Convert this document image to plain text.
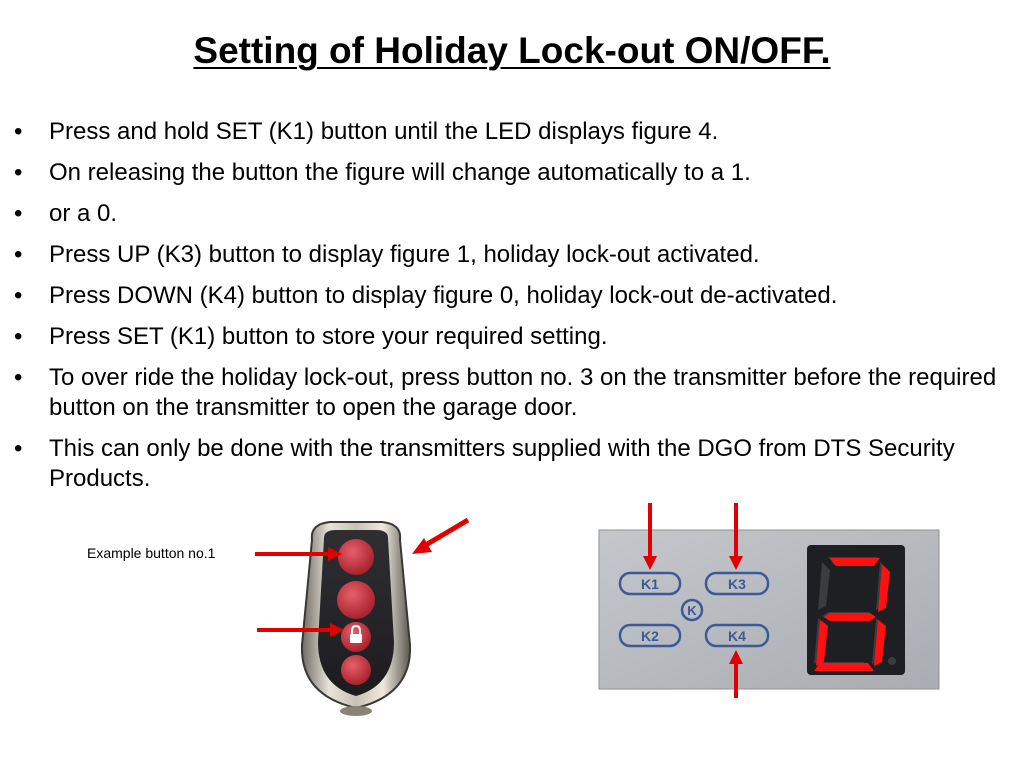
Setting of Holiday Lock-out ON/OFF.
• Press and hold SET (K1) button until the LED displays figure 4.
• On releasing the button the figure will change automatically to a 1.
• or a 0.
• Press UP (K3) button to display figure 1, holiday lock-out activated.
• Press DOWN (K4) button to display figure 0, holiday lock-out de-activated.
• Press SET (K1) button to store your required setting.
• To over ride the holiday lock-out, press button no. 3 on the transmitter before the required button on the transmitter to open the garage door.
• This can only be done with the transmitters supplied with the DGO from DTS Security Products.
Example button no.1
K1	K3
K
K2	K4
